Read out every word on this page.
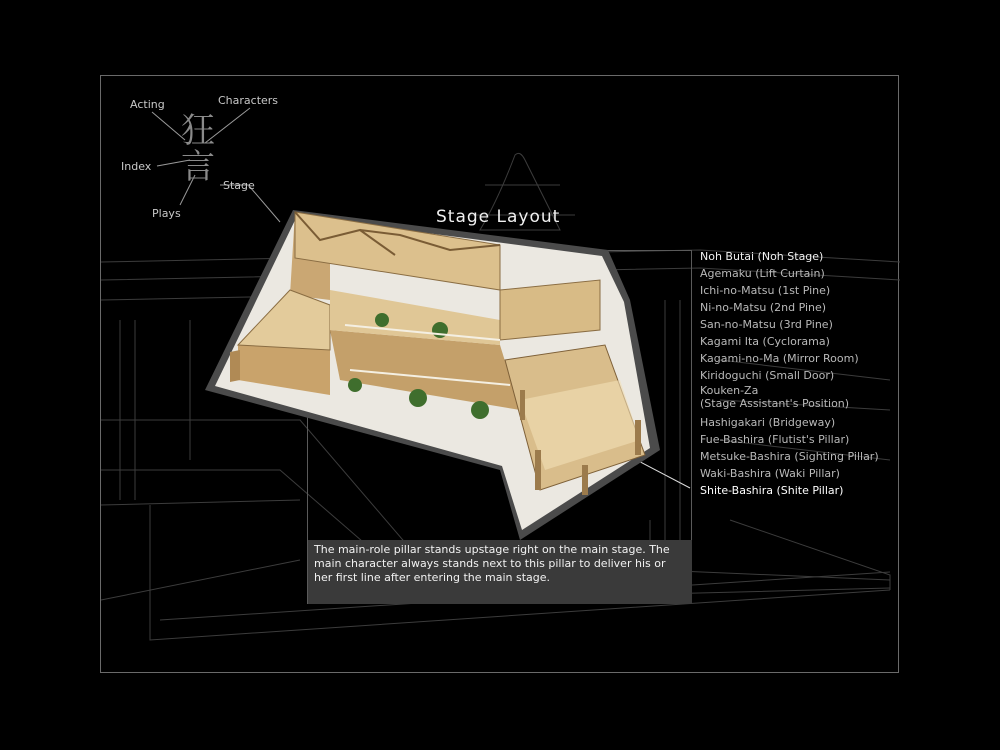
狂言
Acting	Characters
Index
Stage
Plays	Stage Layout
Noh Butai (Noh Stage)
Agemaku (Lift Curtain)
Ichi-no-Matsu (1st Pine)
Ni-no-Matsu (2nd Pine)
San-no-Matsu (3rd Pine)
Kagami Ita (Cyclorama)
Kagami-no-Ma (Mirror Room)
Kiridoguchi (Small Door)
Kouken-Za
(Stage Assistant's Position)
Hashigakari (Bridgeway)
Fue-Bashira (Flutist's Pillar)
Metsuke-Bashira (Sighting Pillar)
Waki-Bashira (Waki Pillar)
Shite-Bashira (Shite Pillar)
The main-role pillar stands upstage right on the main stage. The main character always stands next to this pillar to deliver his or her first line after entering the main stage.
